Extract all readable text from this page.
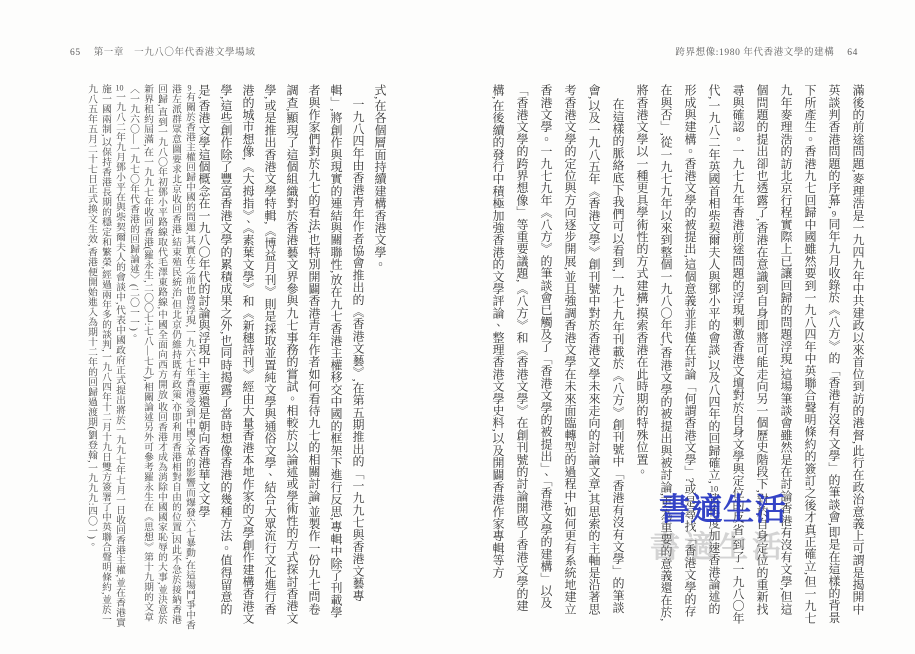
65 第一章　一九八〇年代香港文學場域	跨界想像:1980 年代香港文學的建構 64

滿後的前途問題,麥理浩是一九四九年中共建政以來首位到訪的港督,此行在政治意義上可謂是揭開中英談判香港問題的序幕,9同年九月收錄於《八方》的「香港有沒有文學」的筆談會,即是在這樣的背景下所產生。香港九七回歸中國雖然要到一九八四年中英聯合聲明條約的簽訂之後才真正確立,但一九七九年麥理浩的訪北京行程實際上已讓回歸的問題浮現,這場筆談會雖然是在討論香港有沒有文學,但這個問題的提出卻也透露了,香港在意識到自身即將可能走向另一個歷史階段下,對於自身定位的重新找尋與確認。一九七九年香港前途問題的浮現刺激香港文壇對於自身文學與定位的反省,到了一九八〇年代,一九八二年英國首相柴契爾夫人與鄧小平的會談,以及八四年的回歸確立,10皆再度加速香港論述的形成與建構。香港文學的被提出,這個意義並非僅在討論「何謂香港文學」?或是尋找「香港文學的存在與否」,從一九七九年以來到整個一九八〇年代,香港文學的被提出與被討論,更為重要的意義還在於,將香港文學以一種更具學術性的方式建構,摸索香港在此時期的特殊位置。

在這樣的脈絡底下我們可以看到,一九七九年刊載於《八方》創刊號中「香港有沒有文學」的筆談會,以及一九八五年《香港文學》創刊號中對於香港文學未來走向的討論文章,其思索的主軸是沿著思考香港文學的定位與方向逐步開展,並且強調香港文學在未來面臨轉型的過程中,如何更有系統地建立香港文學。一九七九年《八方》的筆談會已觸及了「香港文學的被提出」、「香港文學的建構」以及「香港文學的跨界想像」等重要議題,《八方》和《香港文學》在創刊號的討論開啟了香港文學的建構,在後續的發行中積極加強香港的文學評論、整理香港文學史料,以及開闢香港作家專輯等方

式,在各個層面持續建構香港文學。

一九八四年由香港青年作者協會推出的《香港文藝》,在第五期推出的「一九九七與香港文藝專輯」,將創作與現實的連結與關聯性,放在九七香港主權移交中國的框架下進行反思,專輯中除了刊載學者與作家們對於九七的看法,也特別開闢香港青年作者如何看待九七的相關討論,並製作一份九七問卷調查,顯現了這個組織對於香港藝文界參與九七事務的嘗試。相較於以論述或學術性的方式探討香港文學,或是推出香港文學特輯,《博益月刊》則是採取並置純文學與通俗文學、結合大眾流行文化進行香港的城市想像,《大拇指》、《素葉文學》和《新穗詩刊》經由大量香港本地作家的文學創作建構香港文學,這些創作除了豐富香港文學的累積成果之外,也同時揭露了當時想像香港的幾種方法。值得留意的是,香港文學這個概念在一九八〇年代的討論與浮現中,主要還是朝向香港華文文學

9有關於香港主權回歸中國的問題,其實在之前也曾浮現,一九六七年香港受到中國文革的影響而爆發六七暴動,在這場鬥爭中香港左派群眾意圖要求北京收回香港,結束殖民統治,但北京仍維持既有政策,亦即利用香港相對自由的位置,因此不急於接納香港回歸,直到一九八〇年初鄧小平路線取代毛澤東路線,中國全面向西方開放,收回香港才成為消除中國國家恥辱的大事,並決意於新界租約屆滿,在一九九七年收回香港(羅永生,二〇〇七:七八—七九),相關論述另外可參考羅永生在《思想》第十九期的文章〈一九六〇—一九七〇年代香港的回歸論述〉(二〇一一)。

10一九八二年九月鄧小平在與柴契爾夫人的會談中,代表中國政府正式提出將於一九九七年七月一日收回香港主權,並在香港實施一國兩制,以保持香港長期的穩定和繁榮,經過兩年多的談判,一九八四年十二月十九日雙方簽署了中英聯合聲明條約,並於一九八五年五月二十七日正式換文生效,香港便開始進入為期十二年的回歸過渡期(劉登翰,一九九九:四〇一)。	書適生活
書適生活
